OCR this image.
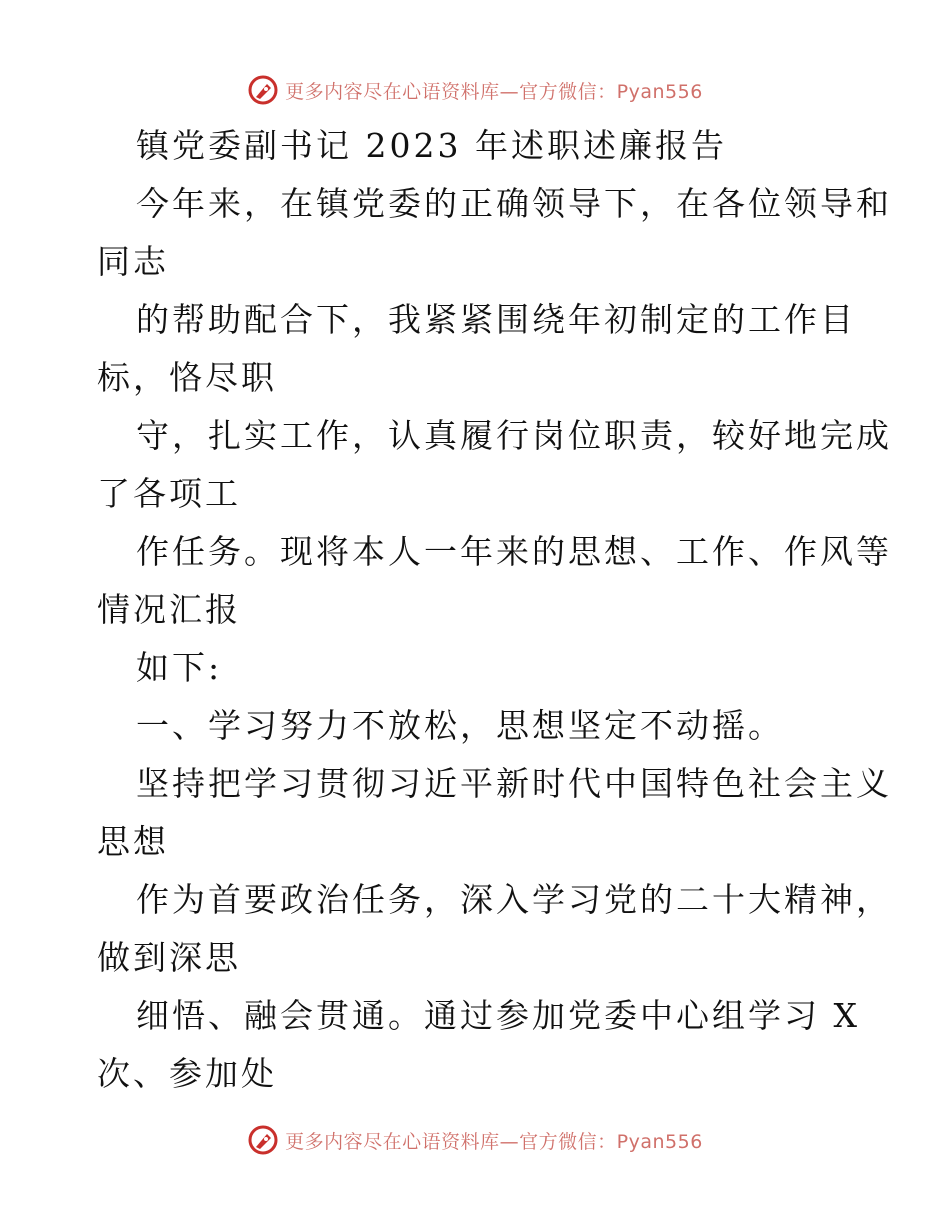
更多内容尽在心语资料库—官方微信：Pyan556
镇党委副书记 2023 年述职述廉报告
今年来，在镇党委的正确领导下，在各位领导和
同志
的帮助配合下，我紧紧围绕年初制定的工作目
标，恪尽职
守，扎实工作，认真履行岗位职责，较好地完成
了各项工
作任务。现将本人一年来的思想、工作、作风等
情况汇报
如下:
一、学习努力不放松，思想坚定不动摇。
坚持把学习贯彻习近平新时代中国特色社会主义
思想
作为首要政治任务，深入学习党的二十大精神，
做到深思
细悟、融会贯通。通过参加党委中心组学习 X
次、参加处
更多内容尽在心语资料库—官方微信：Pyan556
